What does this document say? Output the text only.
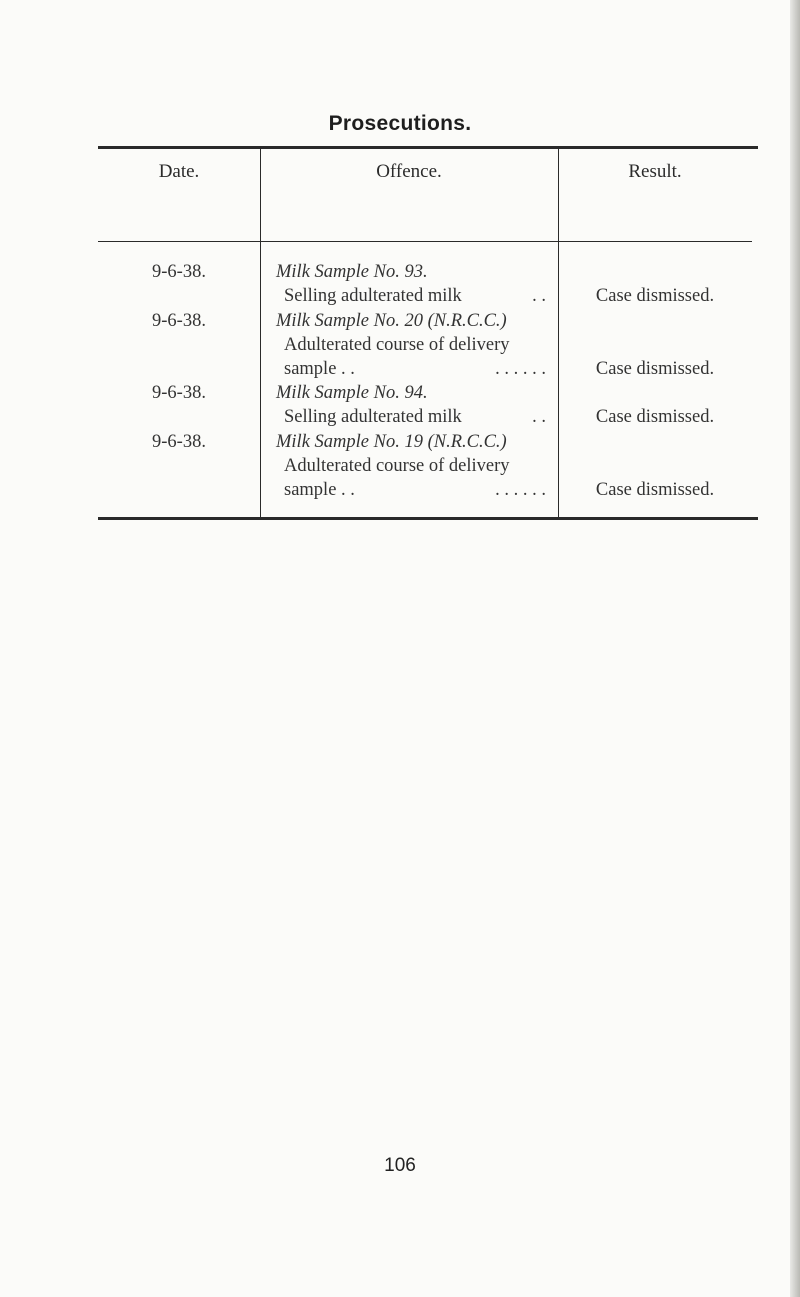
Prosecutions.
Date.	Offence.	Result.
9-6-38.	Milk Sample No. 93.
Selling adulterated milk	. .	Case dismissed.
9-6-38.	Milk Sample No. 20 (N.R.C.C.)
Adulterated course of delivery
sample . .	. . . . . .	Case dismissed.
9-6-38.	Milk Sample No. 94.
Selling adulterated milk	. .	Case dismissed.
9-6-38.	Milk Sample No. 19 (N.R.C.C.)
Adulterated course of delivery
sample . .	. . . . . .	Case dismissed.
106
